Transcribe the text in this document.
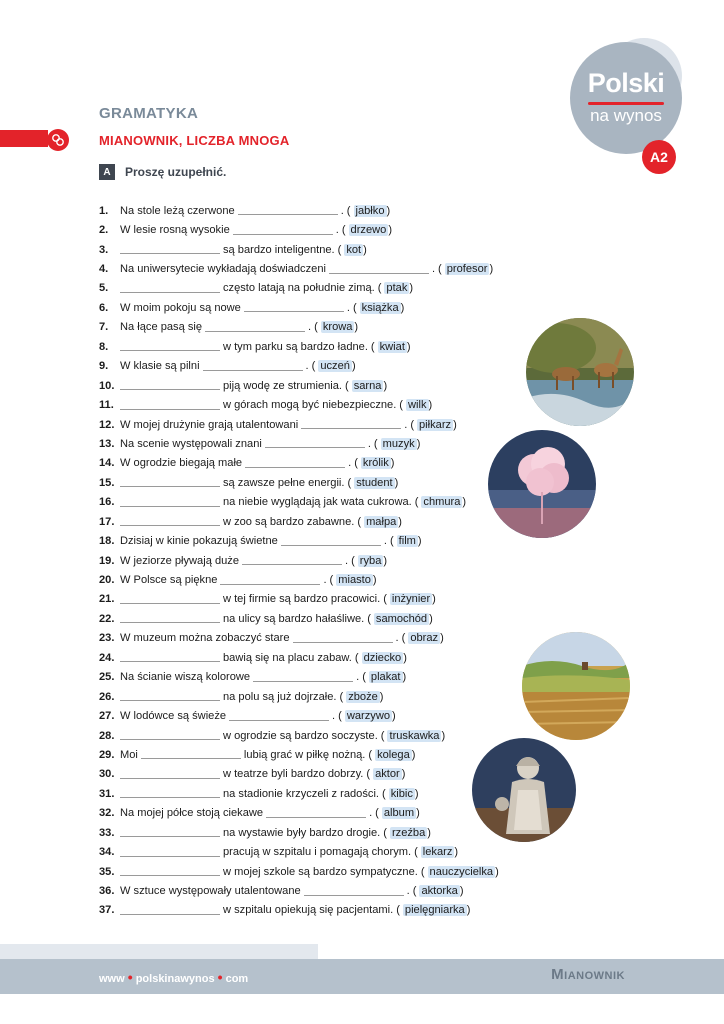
Polski
na wynos
A2
GRAMATYKA
MIANOWNIK, LICZBA MNOGA
A	Proszę uzupełnić.
1.	Na stole leżą czerwone	. ( jabłko )
2.	W lesie rosną wysokie	. ( drzewo )
3.	są bardzo inteligentne. ( kot )
4.	Na uniwersytecie wykładają doświadczeni	. ( profesor )
5.	często latają na południe zimą. ( ptak )
6.	W moim pokoju są nowe	. ( książka )
7.	Na łące pasą się	. ( krowa )
8.	w tym parku są bardzo ładne. ( kwiat )
9.	W klasie są pilni	. ( uczeń )
10.	piją wodę ze strumienia. ( sarna )
11.	w górach mogą być niebezpieczne. ( wilk )
12. W mojej drużynie grają utalentowani	. ( piłkarz )
13. Na scenie występowali znani	. ( muzyk )
14. W ogrodzie biegają małe	. ( królik )
15.	są zawsze pełne energii. ( student )
16.	na niebie wyglądają jak wata cukrowa. ( chmura )
17.	w zoo są bardzo zabawne. ( małpa )
18. Dzisiaj w kinie pokazują świetne	. ( film )
19. W jeziorze pływają duże	. ( ryba )
20. W Polsce są piękne	. ( miasto )
21.	w tej firmie są bardzo pracowici. ( inżynier )
22.	na ulicy są bardzo hałaśliwe. ( samochód )
23. W muzeum można zobaczyć stare	. ( obraz )
24.	bawią się na placu zabaw. ( dziecko )
25. Na ścianie wiszą kolorowe	. ( plakat )
26.	na polu są już dojrzałe. ( zboże )
27. W lodówce są świeże	. ( warzywo )
28.	w ogrodzie są bardzo soczyste. ( truskawka )
29. Moi	lubią grać w piłkę nożną. ( kolega )
30.	w teatrze byli bardzo dobrzy. ( aktor )
31.	na stadionie krzyczeli z radości. ( kibic )
32. Na mojej półce stoją ciekawe	. ( album )
33.	na wystawie były bardzo drogie. ( rzeźba )
34.	pracują w szpitalu i pomagają chorym. ( lekarz )
35.	w mojej szkole są bardzo sympatyczne. ( nauczycielka )
36. W sztuce występowały utalentowane	. ( aktorka )
37.	w szpitalu opiekują się pacjentami. ( pielęgniarka )
www • polskinawynos • com	Mianownik
